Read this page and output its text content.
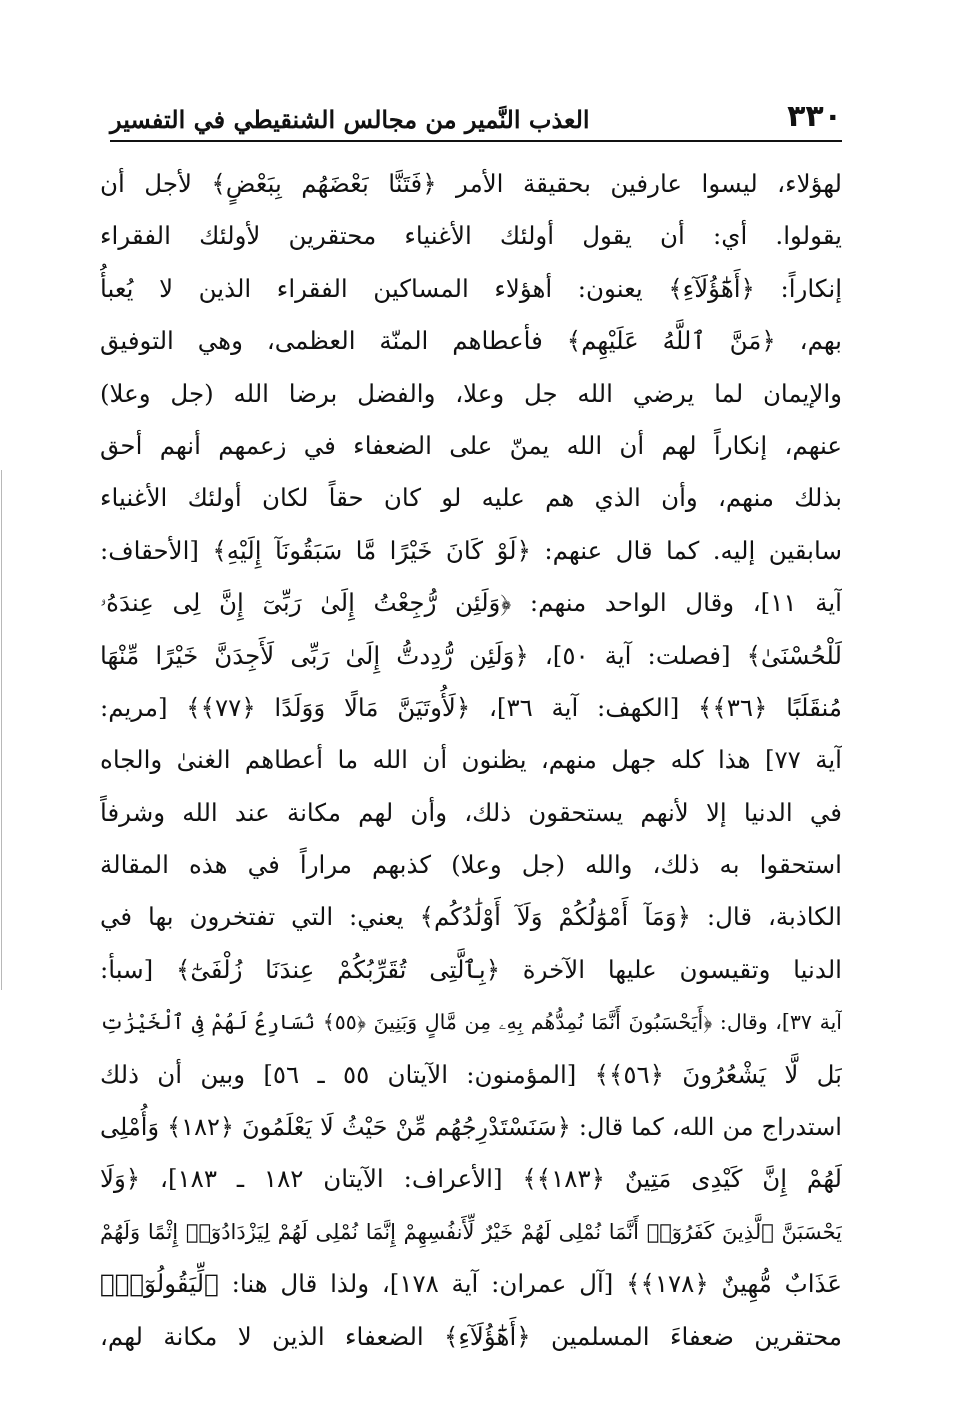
٣٣٠
العذب النَّمير من مجالس الشنقيطي في التفسير
لهؤلاء، ليسوا عارفين بحقيقة الأمر ﴿فَتَنَّا بَعْضَهُم بِبَعْضٍ﴾ لأجل أن
يقولوا. أي: أن يقول أولئك الأغنياء محتقرين لأولئك الفقراء
إنكاراً: ﴿أَهَٰٓؤُلَآءِ﴾ يعنون: أهؤلاء المساكين الفقراء الذين لا يُعبأُ
بهم، ﴿مَنَّ ٱللَّهُ عَلَيْهِم﴾ فأعطاهم المنّة العظمى، وهي التوفيق
والإيمان لما يرضي الله جل وعلا، والفضل برضا الله (جل وعلا)
عنهم، إنكاراً لهم أن الله يمنّ على الضعفاء في زعمهم أنهم أحق
بذلك منهم، وأن الذي هم عليه لو كان حقاً لكان أولئك الأغنياء
سابقين إليه. كما قال عنهم: ﴿لَوْ كَانَ خَيْرًا مَّا سَبَقُونَآ إِلَيْهِ﴾ [الأحقاف:
آية ١١]، وقال الواحد منهم: ﴿وَلَئِن رُّجِعْتُ إِلَىٰ رَبِّىٓ إِنَّ لِى عِندَهُۥ
لَلْحُسْنَىٰ﴾ [فصلت: آية ٥٠]، ﴿وَلَئِن رُّدِدتُّ إِلَىٰ رَبِّى لَأَجِدَنَّ خَيْرًا مِّنْهَا
مُنقَلَبًا ﴿٣٦﴾﴾ [الكهف: آية ٣٦]، ﴿لَأُوتَيَنَّ مَالًا وَوَلَدًا ﴿٧٧﴾﴾ [مريم:
آية ٧٧] هذا كله جهل منهم، يظنون أن الله ما أعطاهم الغنىٰ والجاه
في الدنيا إلا لأنهم يستحقون ذلك، وأن لهم مكانة عند الله وشرفاً
استحقوا به ذلك، والله (جل وعلا) كذبهم مراراً في هذه المقالة
الكاذبة، قال: ﴿وَمَآ أَمْوَٰلُكُمْ وَلَآ أَوْلَٰدُكُم﴾ يعني: التي تفتخرون بها في
الدنيا وتقيسون عليها الآخرة ﴿بِٱلَّتِى تُقَرِّبُكُمْ عِندَنَا زُلْفَىٰٓ﴾ [سبأ:
آية ٣٧]، وقال: ﴿أَيَحْسَبُونَ أَنَّمَا نُمِدُّهُم بِهِۦ مِن مَّالٍ وَبَنِينَ ﴿٥٥﴾ نُسَارِعُ لَهُمْ فِى ٱلْخَيْرَٰتِ
بَل لَّا يَشْعُرُونَ ﴿٥٦﴾﴾ [المؤمنون: الآيتان ٥٥ ـ ٥٦] وبين أن ذلك
استدراج من الله، كما قال: ﴿سَنَسْتَدْرِجُهُم مِّنْ حَيْثُ لَا يَعْلَمُونَ ﴿١٨٢﴾ وَأُمْلِى
لَهُمْ إِنَّ كَيْدِى مَتِينٌ ﴿١٨٣﴾﴾ [الأعراف: الآيتان ١٨٢ ـ ١٨٣]، ﴿وَلَا
يَحْسَبَنَّ ٱلَّذِينَ كَفَرُوٓا۟ أَنَّمَا نُمْلِى لَهُمْ خَيْرٌ لِّأَنفُسِهِمْ إِنَّمَا نُمْلِى لَهُمْ لِيَزْدَادُوٓا۟ إِثْمًا وَلَهُمْ
عَذَابٌ مُّهِينٌ ﴿١٧٨﴾﴾ [آل عمران: آية ١٧٨]، ولذا قال هنا: ﴿لِّيَقُولُوٓا۟﴾
محتقرين ضعفاءَ المسلمين ﴿أَهَٰٓؤُلَآءِ﴾ الضعفاء الذين لا مكانة لهم،
